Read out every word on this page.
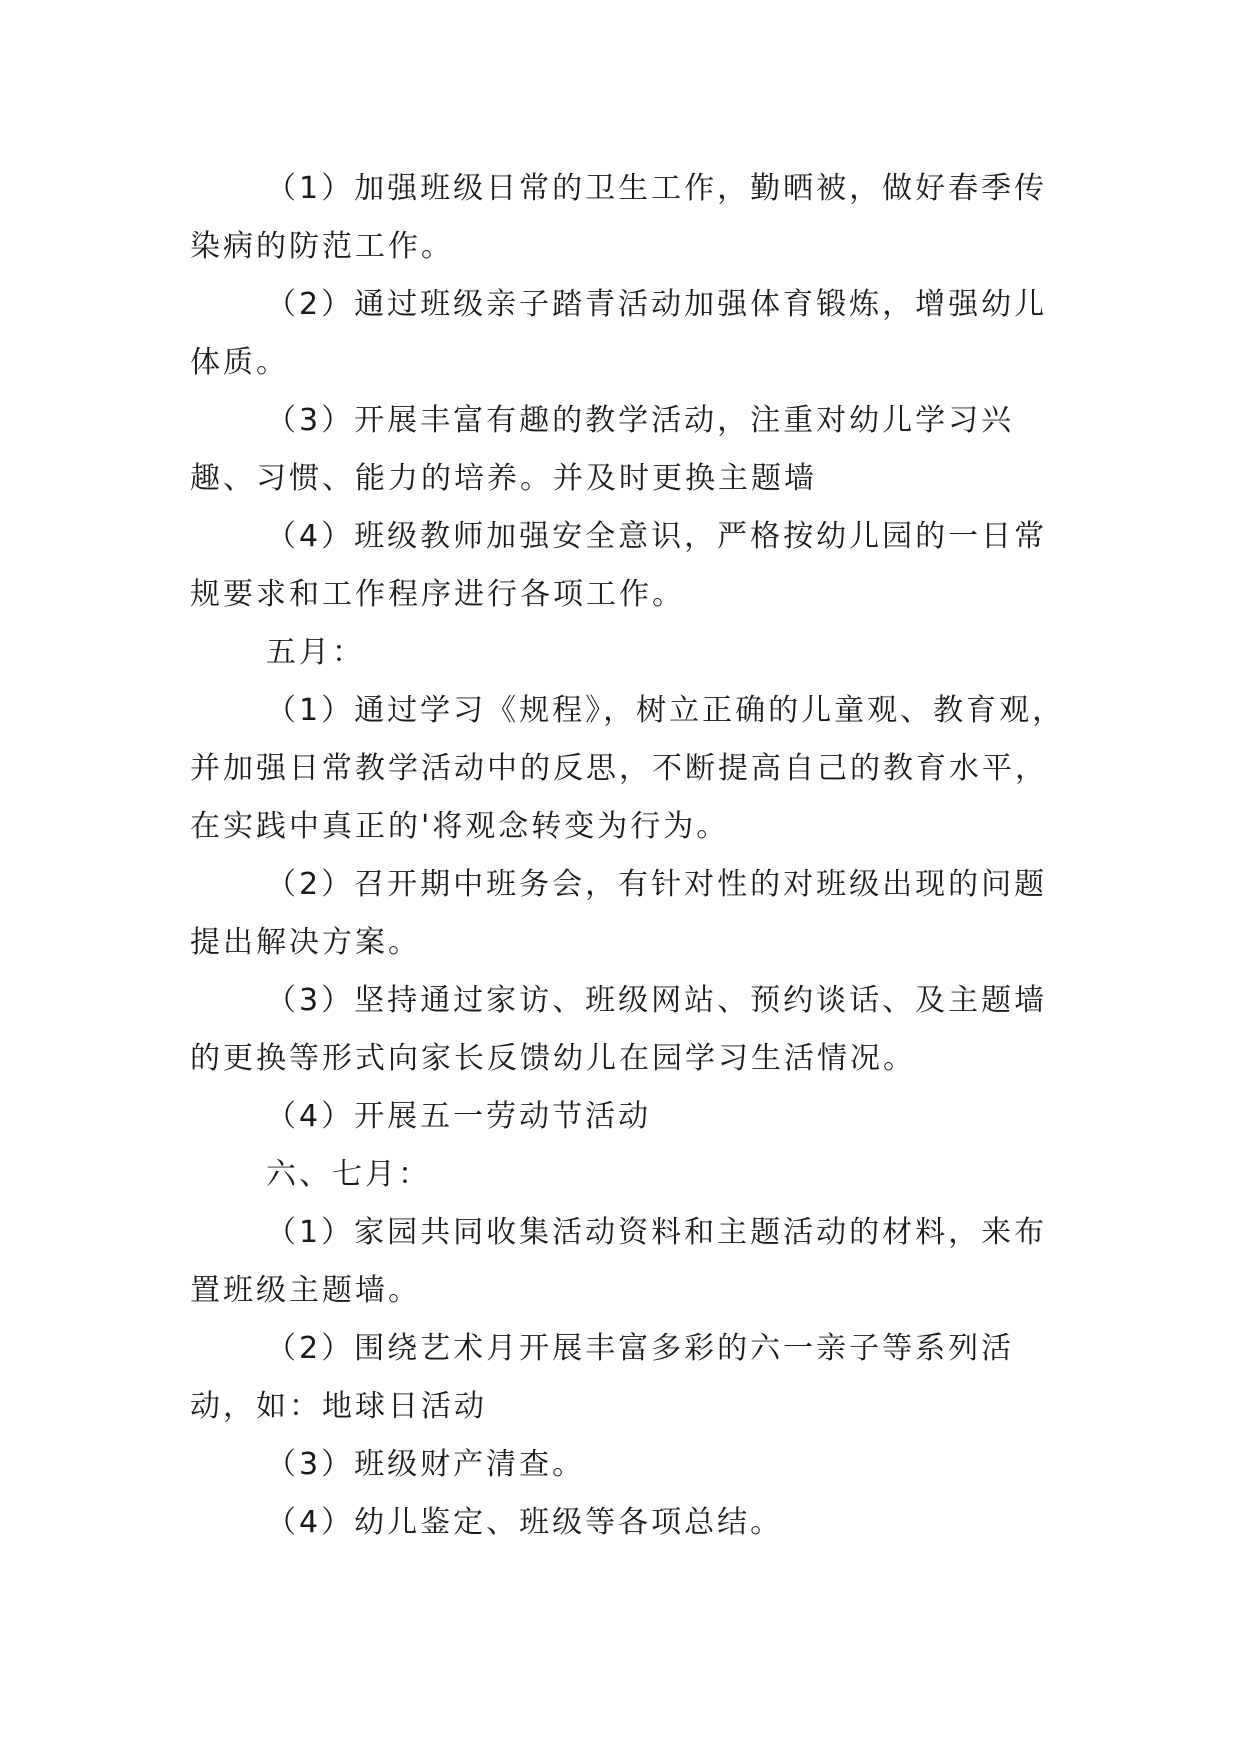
（1）加强班级日常的卫生工作，勤晒被，做好春季传染病的防范工作。

（2）通过班级亲子踏青活动加强体育锻炼，增强幼儿体质。

（3）开展丰富有趣的教学活动，注重对幼儿学习兴趣、习惯、能力的培养。并及时更换主题墙

（4）班级教师加强安全意识，严格按幼儿园的一日常规要求和工作程序进行各项工作。

五月：

（1）通过学习《规程》，树立正确的儿童观、教育观，并加强日常教学活动中的反思，不断提高自己的教育水平，在实践中真正的'将观念转变为行为。

（2）召开期中班务会，有针对性的对班级出现的问题提出解决方案。

（3）坚持通过家访、班级网站、预约谈话、及主题墙的更换等形式向家长反馈幼儿在园学习生活情况。

（4）开展五一劳动节活动

六、七月：

（1）家园共同收集活动资料和主题活动的材料，来布置班级主题墙。

（2）围绕艺术月开展丰富多彩的六一亲子等系列活动，如：地球日活动

（3）班级财产清查。

（4）幼儿鉴定、班级等各项总结。
